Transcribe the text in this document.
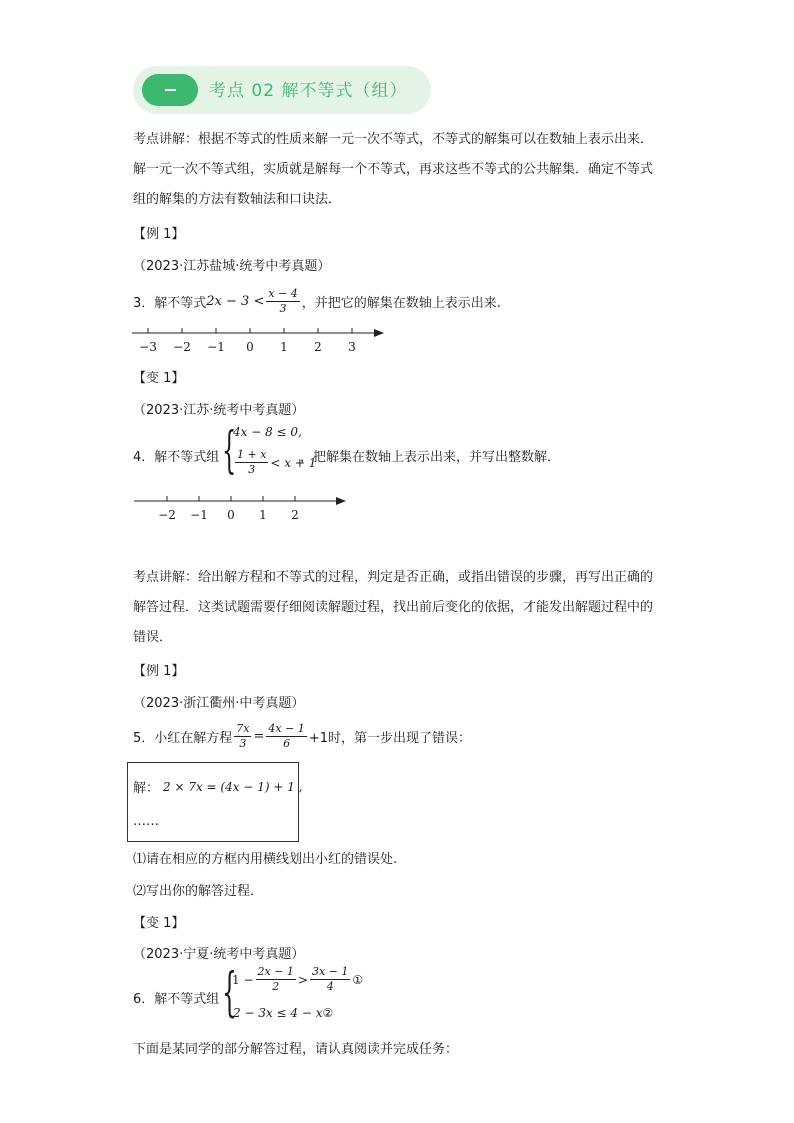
考点 02 解不等式（组）
考点讲解：根据不等式的性质来解一元一次不等式，不等式的解集可以在数轴上表示出来．解一元一次不等式组，实质就是解每一个不等式，再求这些不等式的公共解集．确定不等式组的解集的方法有数轴法和口诀法．
【例 1】
（2023·江苏盐城·统考中考真题）
3．解不等式 $2x - 3 < \frac{x - 4}{3}$ ，并把它的解集在数轴上表示出来.
−3 −2 −1 0 1 2 3
【变 1】
（2023·江苏·统考中考真题）
4．解不等式组 {
4x − 8 ≤ 0,
$\frac{1 + x}{3} < x + 1$
，把解集在数轴上表示出来，并写出整数解．
−2 −1 0 1 2
考点讲解：给出解方程和不等式的过程，判定是否正确，或指出错误的步骤，再写出正确的解答过程．这类试题需要仔细阅读解题过程，找出前后变化的依据，才能发出解题过程中的错误．
【例 1】
（2023·浙江衢州·中考真题）
5．小红在解方程 $\frac{7x}{3} = \frac{4x - 1}{6} +1$时，第一步出现了错误：
解： 2 × 7x = (4x − 1) + 1 ,
……
⑴请在相应的方框内用横线划出小红的错误处.
⑵写出你的解答过程．
【变 1】
（2023·宁夏·统考中考真题）
6．解不等式组 {
$1 - \frac{2x - 1}{2} > \frac{3x - 1}{4}$ ①
2 − 3x ≤ 4 − x ②
下面是某同学的部分解答过程，请认真阅读并完成任务：
